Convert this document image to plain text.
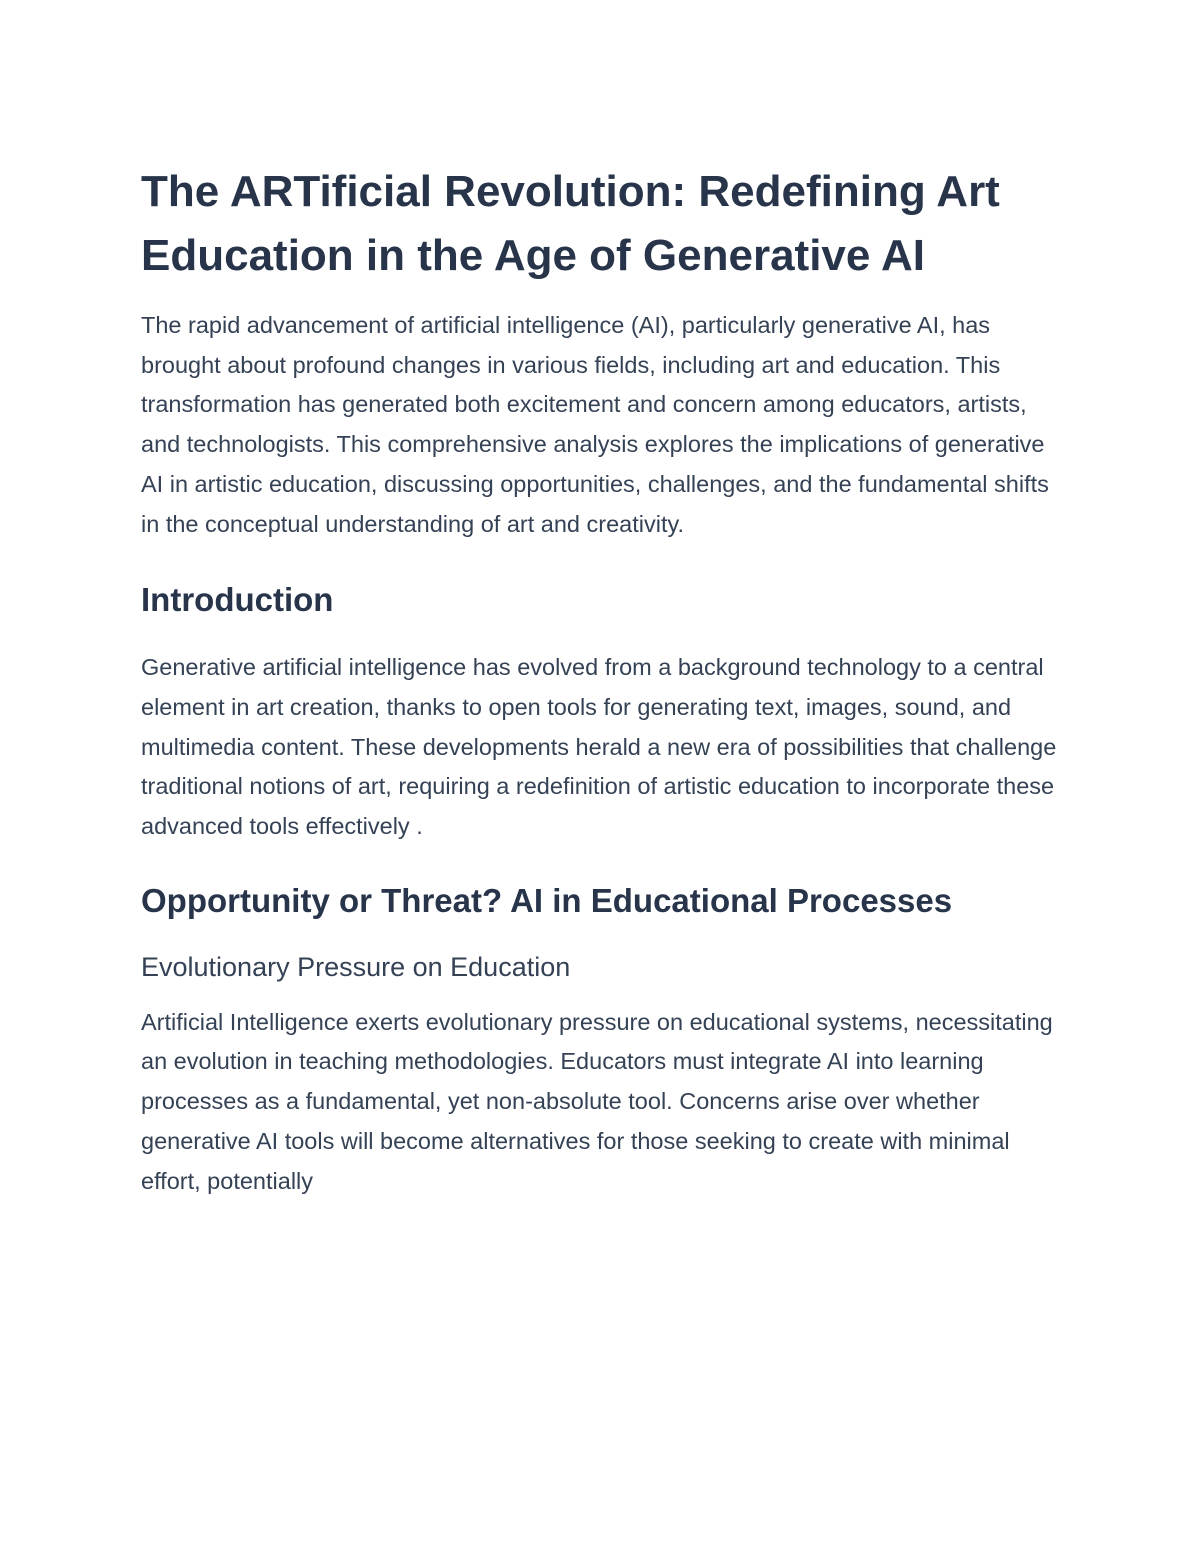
The ARTificial Revolution: Redefining Art Education in the Age of Generative AI

The rapid advancement of artificial intelligence (AI), particularly generative AI, has brought about profound changes in various fields, including art and education. This transformation has generated both excitement and concern among educators, artists, and technologists. This comprehensive analysis explores the implications of generative AI in artistic education, discussing opportunities, challenges, and the fundamental shifts in the conceptual understanding of art and creativity.

Introduction

Generative artificial intelligence has evolved from a background technology to a central element in art creation, thanks to open tools for generating text, images, sound, and multimedia content. These developments herald a new era of possibilities that challenge traditional notions of art, requiring a redefinition of artistic education to incorporate these advanced tools effectively .

Opportunity or Threat? AI in Educational Processes
Evolutionary Pressure on Education

Artificial Intelligence exerts evolutionary pressure on educational systems, necessitating an evolution in teaching methodologies. Educators must integrate AI into learning processes as a fundamental, yet non-absolute tool. Concerns arise over whether generative AI tools will become alternatives for those seeking to create with minimal effort, potentially
